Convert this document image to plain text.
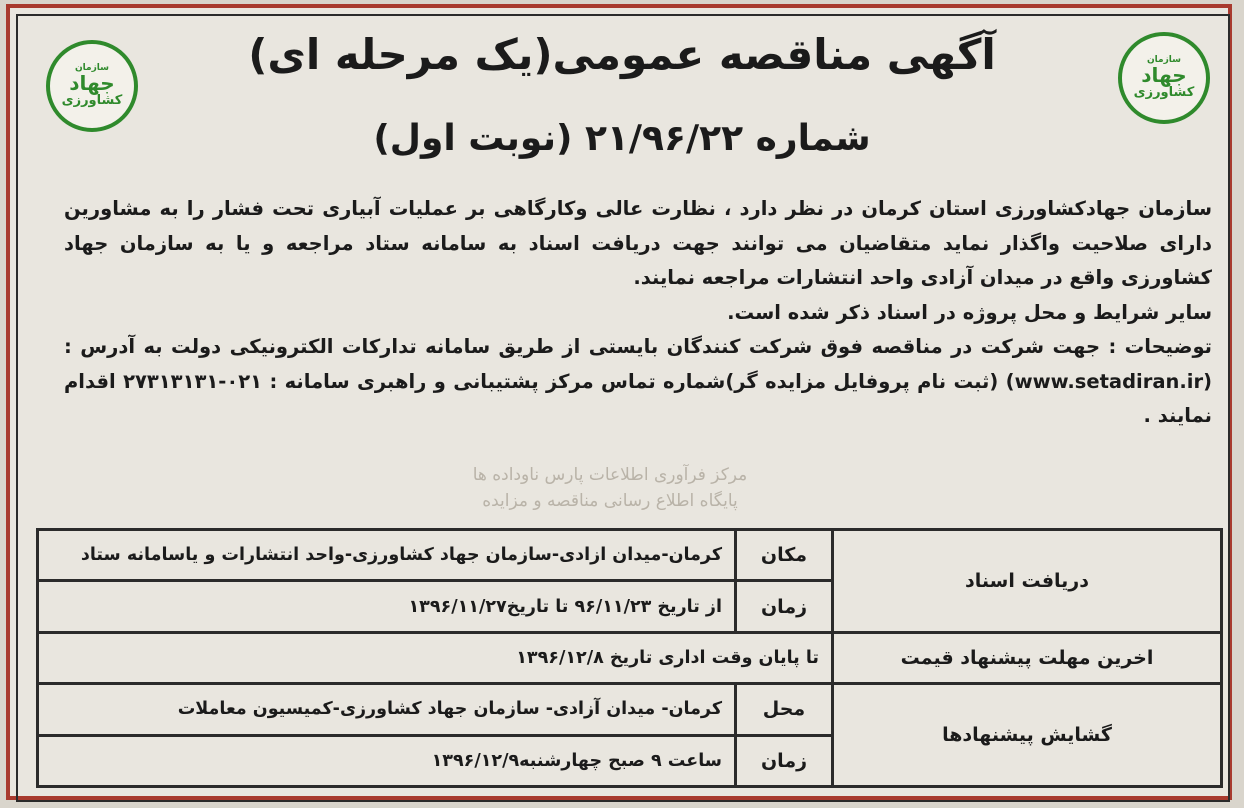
سازمان
جهاد
کشاورزی
سازمان
جهاد
کشاورزی
آگهی مناقصه عمومی(یک مرحله ای)
شماره ۲۱/۹۶/۲۲ (نوبت اول)

سازمان جهادکشاورزی استان کرمان در نظر دارد ، نظارت عالی وکارگاهی بر عملیات آبیاری تحت فشار را به مشاورین دارای صلاحیت واگذار نماید متقاضیان می توانند جهت دریافت اسناد به سامانه ستاد مراجعه و یا به سازمان جهاد کشاورزی واقع در میدان آزادی واحد انتشارات مراجعه نمایند.

سایر شرایط و محل پروژه در اسناد ذکر شده است.

توضیحات : جهت شرکت در مناقصه فوق شرکت کنندگان بایستی از طریق سامانه تدارکات الکترونیکی دولت به آدرس : (www.setadiran.ir) (ثبت نام پروفایل مزایده گر)شماره تماس مرکز پشتیبانی و راهبری سامانه : ۰۲۱-۲۷۳۱۳۱۳۱ اقدام نمایند .

مرکز فرآوری اطلاعات پارس ناوداده ها
پایگاه اطلاع رسانی مناقصه و مزایده
دریافت اسناد	مکان	کرمان-میدان ازادی-سازمان جهاد کشاورزی-واحد انتشارات و یاسامانه ستاد
	زمان	از تاریخ ۹۶/۱۱/۲۳ تا تاریخ۱۳۹۶/۱۱/۲۷
اخرین مهلت پیشنهاد قیمت	تا پایان وقت اداری تاریخ ۱۳۹۶/۱۲/۸	
گشایش پیشنهادها	محل	کرمان- میدان آزادی- سازمان جهاد کشاورزی-کمیسیون معاملات
	زمان	ساعت ۹ صبح چهارشنبه۱۳۹۶/۱۲/۹
